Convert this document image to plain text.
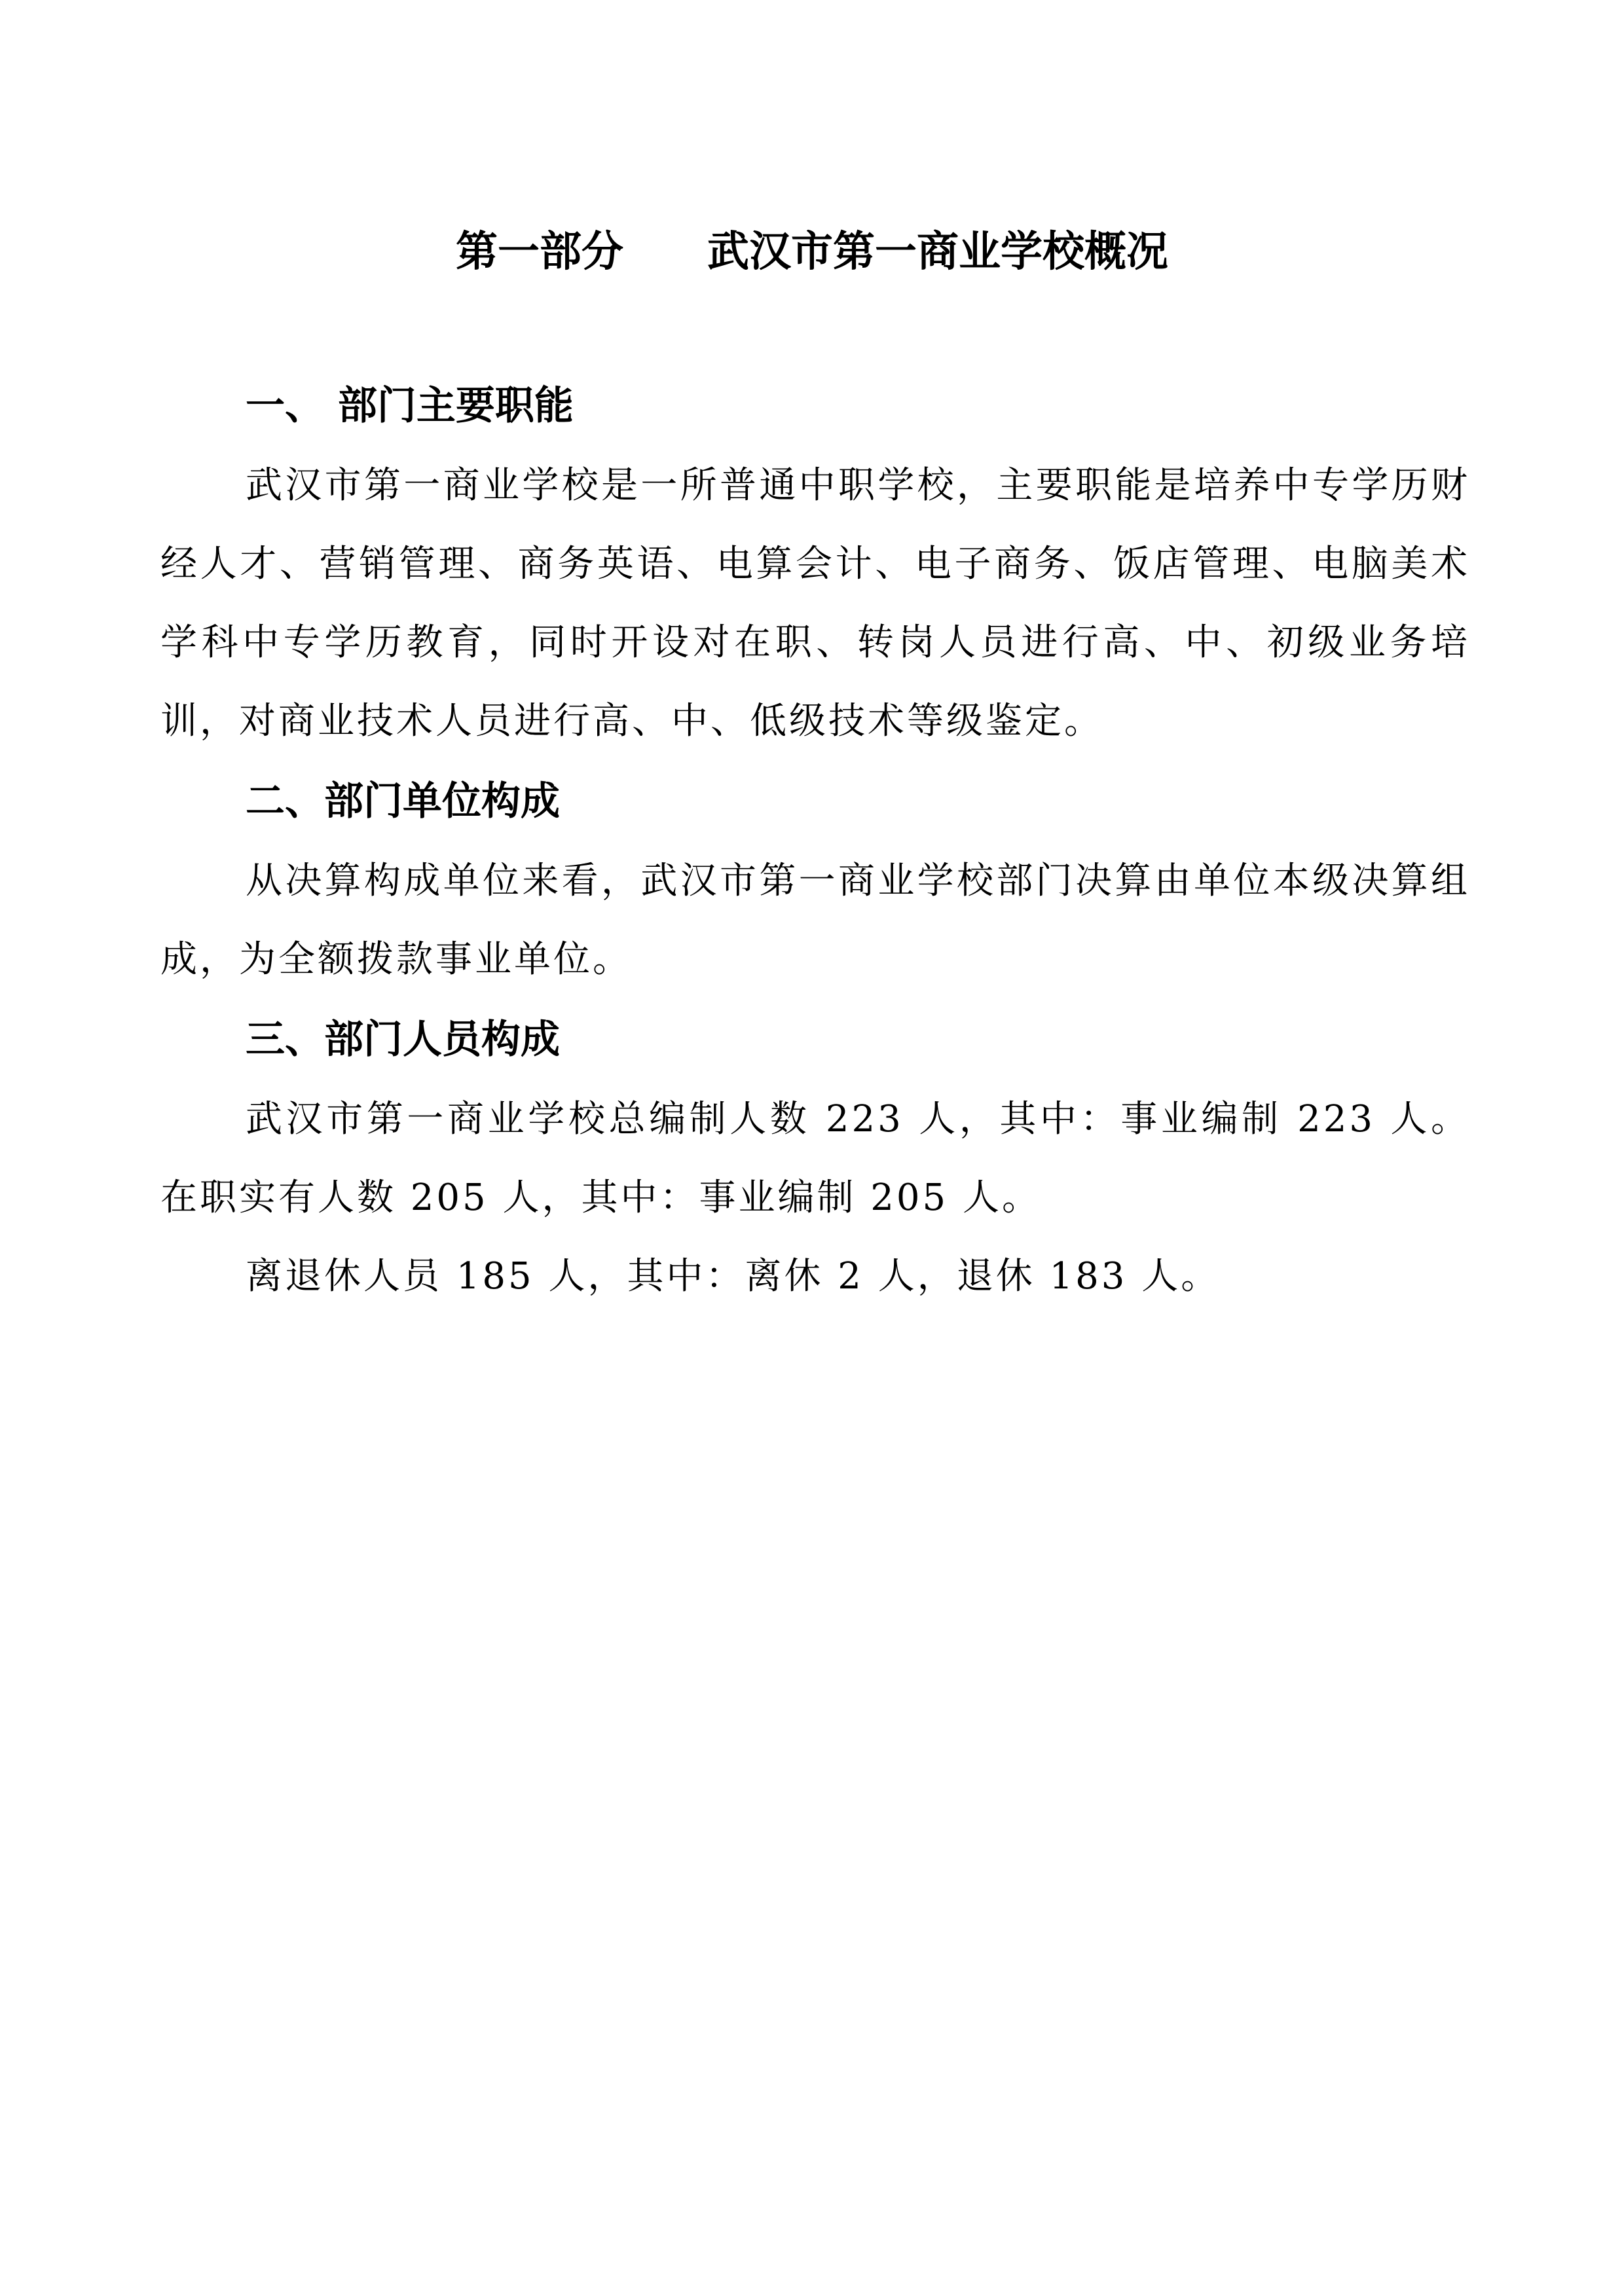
第一部分　　武汉市第一商业学校概况
一、 部门主要职能

武汉市第一商业学校是一所普通中职学校，主要职能是培养中专学历财经人才、营销管理、商务英语、电算会计、电子商务、饭店管理、电脑美术学科中专学历教育，同时开设对在职、转岗人员进行高、中、初级业务培训，对商业技术人员进行高、中、低级技术等级鉴定。

二、部门单位构成

从决算构成单位来看，武汉市第一商业学校部门决算由单位本级决算组成，为全额拨款事业单位。

三、部门人员构成

武汉市第一商业学校总编制人数 223 人，其中：事业编制 223 人。在职实有人数 205 人，其中：事业编制 205 人。

离退休人员 185 人，其中：离休 2 人，退休 183 人。
